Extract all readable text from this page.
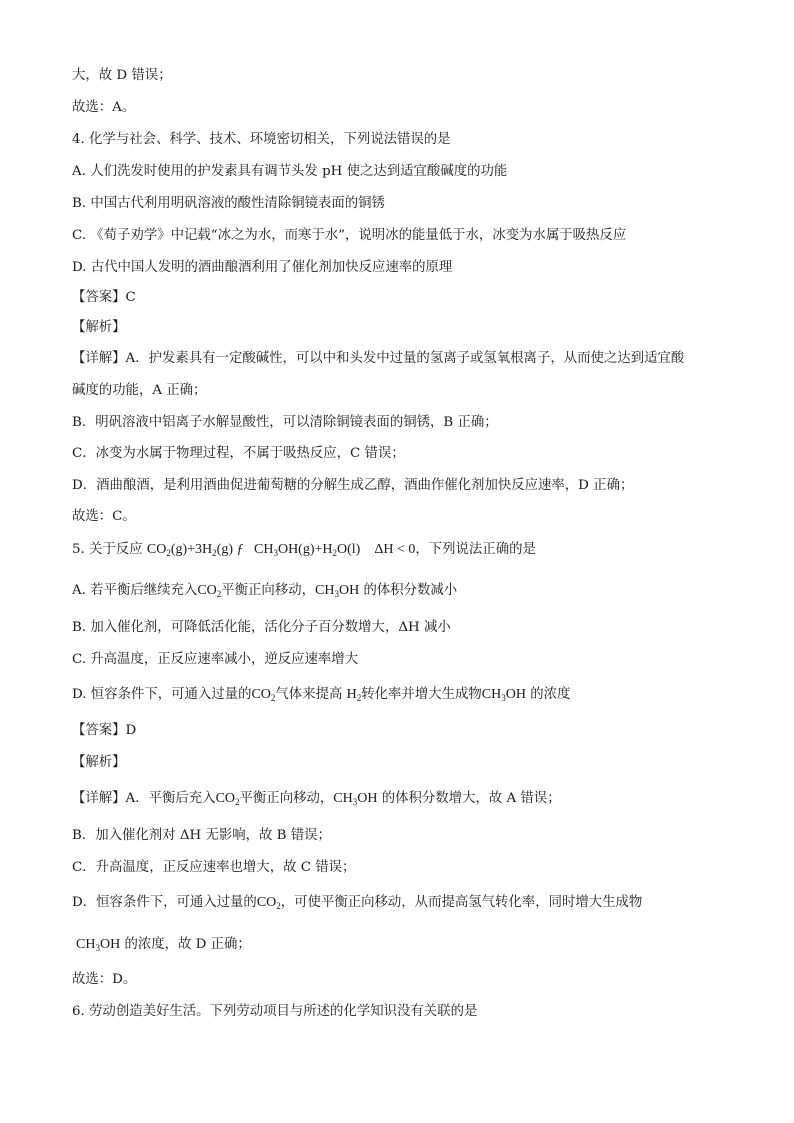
大，故 D 错误；
故选：A。
4. 化学与社会、科学、技术、环境密切相关，下列说法错误的是
A. 人们洗发时使用的护发素具有调节头发 pH 使之达到适宜酸碱度的功能
B. 中国古代利用明矾溶液的酸性清除铜镜表面的铜锈
C. 《荀子劝学》中记载“冰之为水，而寒于水”，说明冰的能量低于水，冰变为水属于吸热反应
D. 古代中国人发明的酒曲酿酒利用了催化剂加快反应速率的原理
【答案】C
【解析】
【详解】A．护发素具有一定酸碱性，可以中和头发中过量的氢离子或氢氧根离子，从而使之达到适宜酸
碱度的功能，A 正确；
B．明矾溶液中铝离子水解显酸性，可以清除铜镜表面的铜锈，B 正确；
C．冰变为水属于物理过程，不属于吸热反应，C 错误；
D．酒曲酿酒，是利用酒曲促进葡萄糖的分解生成乙醇，酒曲作催化剂加快反应速率，D 正确；
故选：C。
5. 关于反应 $CO_2(g)+3H_2(g)$ ƒ $CH_3OH(g)+H_2O(l) \Delta H < 0$，下列说法正确的是
A. 若平衡后继续充入$CO_2$平衡正向移动，$CH_3OH$ 的体积分数减小
B. 加入催化剂，可降低活化能，活化分子百分数增大，ΔH 减小
C. 升高温度，正反应速率减小，逆反应速率增大
D. 恒容条件下，可通入过量的$CO_2$气体来提高 $H_2$转化率并增大生成物$CH_3OH$ 的浓度
【答案】D
【解析】
【详解】A．平衡后充入$CO_2$平衡正向移动，$CH_3OH$ 的体积分数增大，故 A 错误；
B．加入催化剂对 ΔH 无影响，故 B 错误；
C．升高温度，正反应速率也增大，故 C 错误；
D．恒容条件下，可通入过量的$CO_2$，可使平衡正向移动，从而提高氢气转化率，同时增大生成物
$CH_3OH$ 的浓度，故 D 正确；
故选：D。
6. 劳动创造美好生活。下列劳动项目与所述的化学知识没有关联的是
